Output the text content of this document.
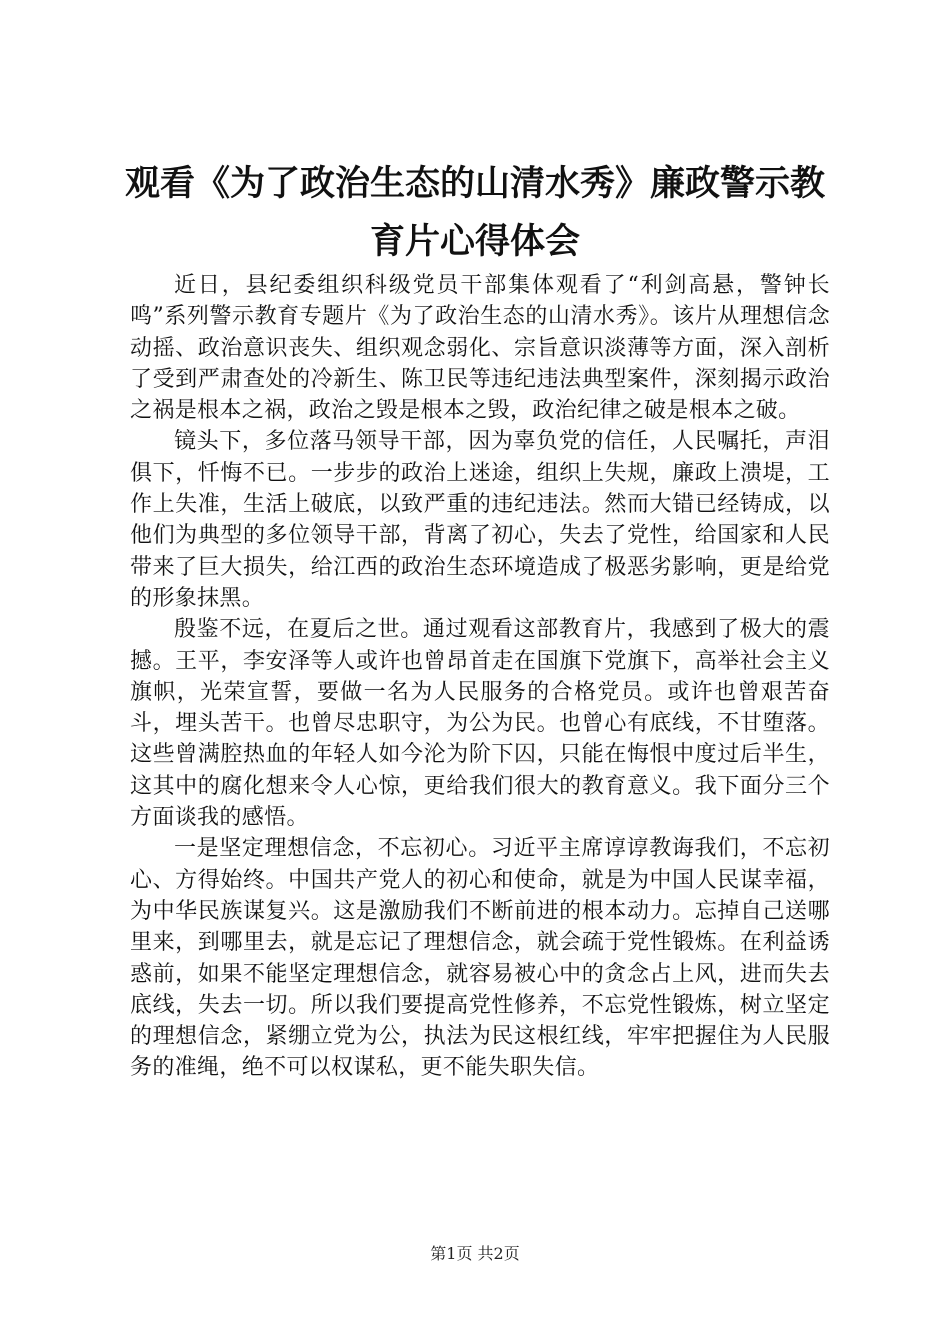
观看《为了政治生态的山清水秀》廉政警示教
育片心得体会

近日，县纪委组织科级党员干部集体观看了“利剑高悬，警钟长鸣”系列警示教育专题片《为了政治生态的山清水秀》。该片从理想信念动摇、政治意识丧失、组织观念弱化、宗旨意识淡薄等方面，深入剖析了受到严肃查处的冷新生、陈卫民等违纪违法典型案件，深刻揭示政治之祸是根本之祸，政治之毁是根本之毁，政治纪律之破是根本之破。

镜头下，多位落马领导干部，因为辜负党的信任，人民嘱托，声泪俱下，忏悔不已。一步步的政治上迷途，组织上失规，廉政上溃堤，工作上失准，生活上破底，以致严重的违纪违法。然而大错已经铸成，以他们为典型的多位领导干部，背离了初心，失去了党性，给国家和人民带来了巨大损失，给江西的政治生态环境造成了极恶劣影响，更是给党的形象抹黑。

殷鉴不远，在夏后之世。通过观看这部教育片，我感到了极大的震撼。王平，李安泽等人或许也曾昂首走在国旗下党旗下，高举社会主义旗帜，光荣宣誓，要做一名为人民服务的合格党员。或许也曾艰苦奋斗，埋头苦干。也曾尽忠职守，为公为民。也曾心有底线，不甘堕落。这些曾满腔热血的年轻人如今沦为阶下囚，只能在悔恨中度过后半生，这其中的腐化想来令人心惊，更给我们很大的教育意义。我下面分三个方面谈我的感悟。

一是坚定理想信念，不忘初心。习近平主席谆谆教诲我们，不忘初心、方得始终。中国共产党人的初心和使命，就是为中国人民谋幸福，为中华民族谋复兴。这是激励我们不断前进的根本动力。忘掉自己送哪里来，到哪里去，就是忘记了理想信念，就会疏于党性锻炼。在利益诱惑前，如果不能坚定理想信念，就容易被心中的贪念占上风，进而失去底线，失去一切。所以我们要提高党性修养，不忘党性锻炼，树立坚定的理想信念，紧绷立党为公，执法为民这根红线，牢牢把握住为人民服务的准绳，绝不可以权谋私，更不能失职失信。

第1页 共2页
